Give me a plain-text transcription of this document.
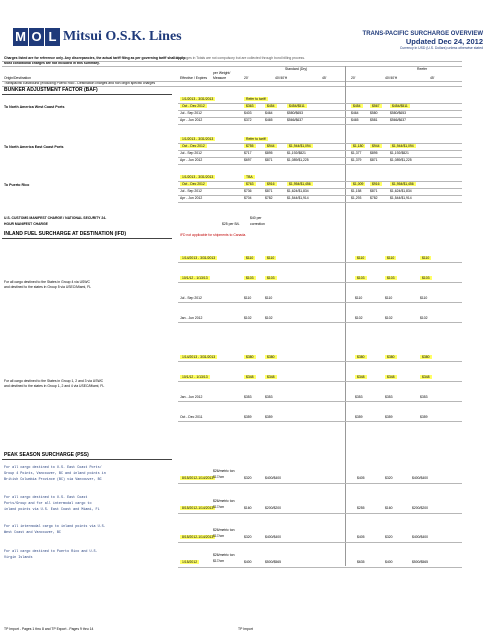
M O L Mitsui O.S.K. Lines	TRANS-PACIFIC SURCHARGE OVERVIEW
Updated Dec 24, 2012
Currency in USD (U.S. Dollars) unless otherwise stated
Charges listed are for reference only. Any discrepancies, the actual tariff filing as per governing tariff shall apply.
All charges in Totals are not compulsory but are collected through bond billing process.
Most conditional charges are not included in this summary.
Standard (Dry)	Reefer
per Weight/
Origin/Destination	Effective / Expires Measure	20'	40'/40'H	45'	20'	40'/40'H	45'
Transpacific Eastbound (excluding Puerto Rico - Destination charges and non origin specific charges
BUNKER ADJUSTMENT FACTOR (BAF)
To North America West Coast Ports
1/1/2013 - 3/31/2013	Refer to tariff
Oct - Dec 2012	$363	$454	$454/$511	$454	$567	$454/$511
Jul - Sep 2012	$403	$464	$580/$653	$464	$580	$580/$653
Apr - Jun 2012	$372	$465	$566/$637	$465	$581	$566/$637
To North America East Coast Ports
1/1/2013 - 3/31/2013	Refer to tariff
Oct - Dec 2012	$755	$944	$1,944/$1,094	$1,180	$944	$1,944/$1,094
Jul - Sep 2012	$717	$895	$1,192/$821	$1,377	$895	$1,192/$821
Apr - Jun 2012	$697	$871	$1,089/$1,225	$1,379	$871	$1,089/$1,225
To Puerto Rico
1/1/2013 - 3/31/2013	TBA
Oct - Dec 2012	$763	$916	$1,954/$1,456	$1,009	$916	$1,954/$1,456
Jul - Sep 2012	$736	$871	$1,624/$1,834	$1,158	$871	$1,624/$1,834
Apr - Jun 2012	$704	$782	$1,544/$1,914	$1,293	$782	$1,544/$1,914
U.S. CUSTOMS MANIFEST CHARGE / NATIONAL SECURITY 24-
HOUR MANIFEST CHARGE	$25 per B/L
$40 per
correction
INLAND FUEL SURCHARGE AT DESTINATION (IFD)	IFD not applicable for shipments to Canada.
For all cargo destined to the States in Group 4 via USWC
and destined to the states in Group 5 via USEC/Miami, FL
1/14/2013 - 3/31/2013	$110	$110	$110	$110	$110
10/1/12 - 1/13/13	$103	$103	$103	$103	$103
Jul - Sep 2012	$110	$110	$110	$110	$110
Jan - Jun 2012	$102	$102	$102	$102	$102
For all cargo destined to the States in Group 1, 2 and 3 via USWC
and destined to the states in Group 1, 2 and 4 via USEC/Miami, FL
1/14/2013 - 3/31/2013	$380	$380	$380	$380	$380
10/1/12 - 1/13/13	$348	$348	$348	$348	$348
Jan - Jun 2012	$353	$353	$353	$353	$353
Oct - Dec 2011	$359	$359	$359	$359	$359
PEAK SEASON SURCHARGE (PSS)
For all cargo destined to U.S. East Coast Ports/
Group 4 Points, Vancouver, BC and inland points in
British Columbia Province (BC) via Vancouver, BC	8/15/2012-1/14/2013
$26/metric ton
$17/cm	$320	$400/$400	$405	$320	$400/$400
For all cargo destined to U.S. East Coast
Ports/Group and for all intermodal cargo to
inland points via U.S. East Coast and Miami, FL	8/15/2012-1/14/2013
$26/metric ton
$17/cm	$160	$200/$200	$255	$160	$200/$200
For all intermodal cargo to inland points via U.S.
West Coast and Vancouver, BC
8/15/2012-1/14/2013
$26/metric ton
$17/cm	$320	$400/$400	$405	$320	$400/$400
For all cargo destined to Puerto Rico and U.S.
Virgin Islands
1/15/2012
$26/metric ton
$17/cm	$400	$500/$565	$635	$400	$500/$565
TP Import - Pages 1 thru 8 and TP Export - Pages 9 thru 14	TP Import
